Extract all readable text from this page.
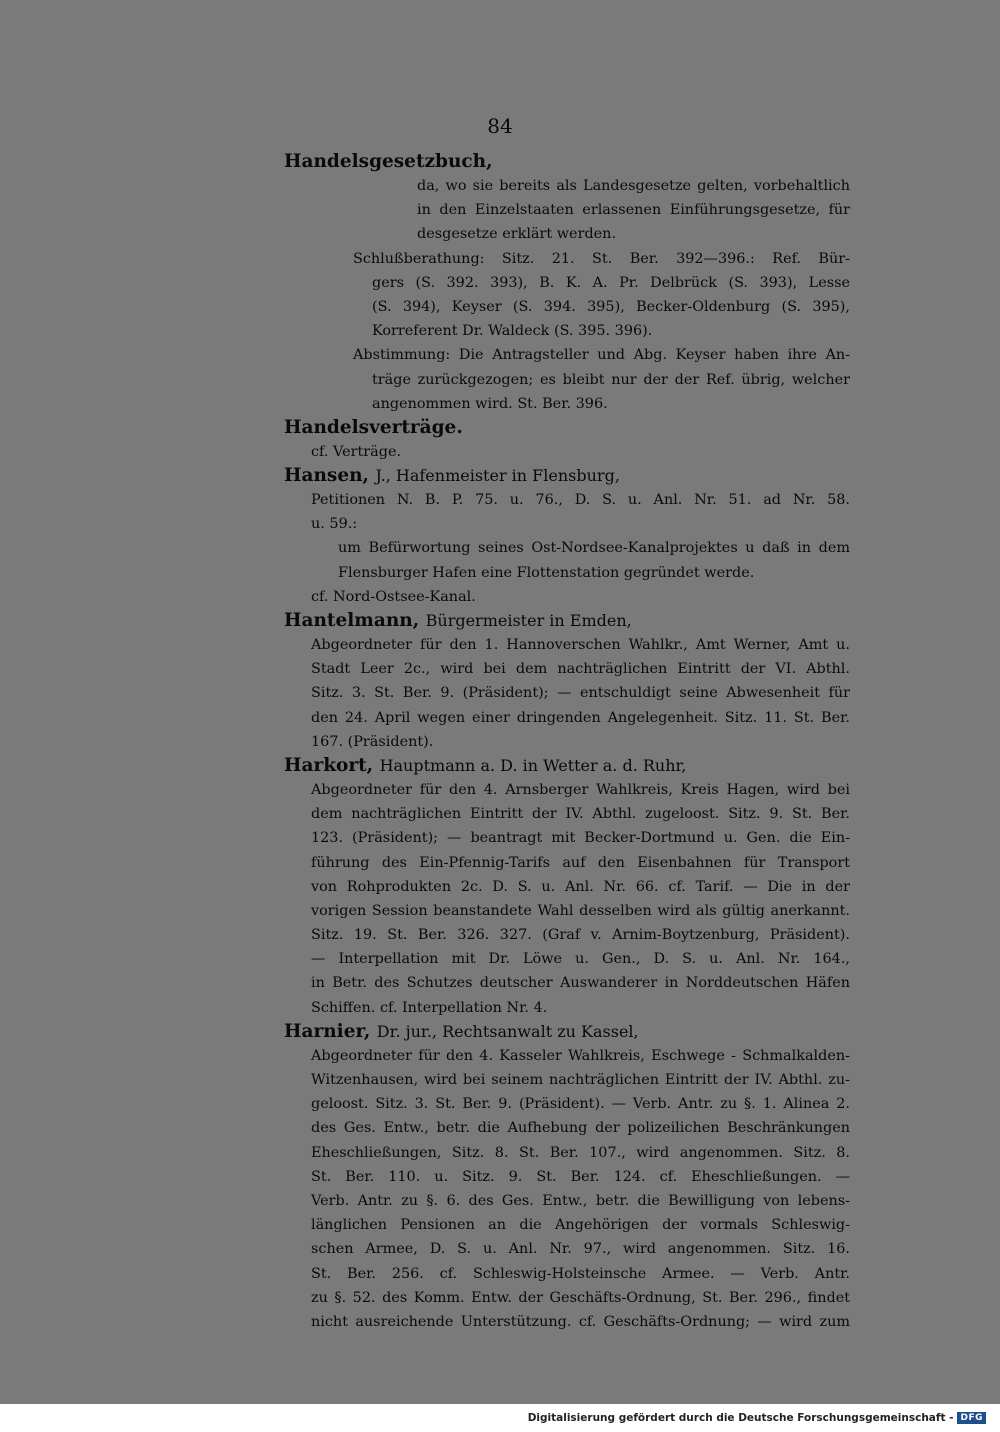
84
Handelsgesetzbuch,
da, wo sie bereits als Landesgesetze gelten, vorbehaltlich
in den Einzelstaaten erlassenen Einführungsgesetze, für
desgesetze erklärt werden.
Schlußberathung: Sitz. 21. St. Ber. 392—396.: Ref. Bür-
gers (S. 392. 393), B. K. A. Pr. Delbrück (S. 393), Lesse
(S. 394), Keyser (S. 394. 395), Becker-Oldenburg (S. 395),
Korreferent Dr. Waldeck (S. 395. 396).
Abstimmung: Die Antragsteller und Abg. Keyser haben ihre An-
träge zurückgezogen; es bleibt nur der der Ref. übrig, welcher
angenommen wird. St. Ber. 396.
Handelsverträge.
cf. Verträge.
Hansen, J., Hafenmeister in Flensburg,
Petitionen N. B. P. 75. u. 76., D. S. u. Anl. Nr. 51. ad Nr. 58.
u. 59.:
um Befürwortung seines Ost-Nordsee-Kanalprojektes u daß in dem
Flensburger Hafen eine Flottenstation gegründet werde.
cf. Nord-Ostsee-Kanal.
Hantelmann, Bürgermeister in Emden,
Abgeordneter für den 1. Hannoverschen Wahlkr., Amt Werner, Amt u.
Stadt Leer 2c., wird bei dem nachträglichen Eintritt der VI. Abthl.
Sitz. 3. St. Ber. 9. (Präsident); — entschuldigt seine Abwesenheit für
den 24. April wegen einer dringenden Angelegenheit. Sitz. 11. St. Ber.
167. (Präsident).
Harkort, Hauptmann a. D. in Wetter a. d. Ruhr,
Abgeordneter für den 4. Arnsberger Wahlkreis, Kreis Hagen, wird bei
dem nachträglichen Eintritt der IV. Abthl. zugeloost. Sitz. 9. St. Ber.
123. (Präsident); — beantragt mit Becker-Dortmund u. Gen. die Ein-
führung des Ein-Pfennig-Tarifs auf den Eisenbahnen für Transport
von Rohprodukten 2c. D. S. u. Anl. Nr. 66. cf. Tarif. — Die in der
vorigen Session beanstandete Wahl desselben wird als gültig anerkannt.
Sitz. 19. St. Ber. 326. 327. (Graf v. Arnim-Boytzenburg, Präsident).
— Interpellation mit Dr. Löwe u. Gen., D. S. u. Anl. Nr. 164.,
in Betr. des Schutzes deutscher Auswanderer in Norddeutschen Häfen
Schiffen. cf. Interpellation Nr. 4.
Harnier, Dr. jur., Rechtsanwalt zu Kassel,
Abgeordneter für den 4. Kasseler Wahlkreis, Eschwege - Schmalkalden-
Witzenhausen, wird bei seinem nachträglichen Eintritt der IV. Abthl. zu-
geloost. Sitz. 3. St. Ber. 9. (Präsident). — Verb. Antr. zu §. 1. Alinea 2.
des Ges. Entw., betr. die Aufhebung der polizeilichen Beschränkungen
Eheschließungen, Sitz. 8. St. Ber. 107., wird angenommen. Sitz. 8.
St. Ber. 110. u. Sitz. 9. St. Ber. 124. cf. Eheschließungen. —
Verb. Antr. zu §. 6. des Ges. Entw., betr. die Bewilligung von lebens-
länglichen Pensionen an die Angehörigen der vormals Schleswig-
schen Armee, D. S. u. Anl. Nr. 97., wird angenommen. Sitz. 16.
St. Ber. 256. cf. Schleswig-Holsteinsche Armee. — Verb. Antr.
zu §. 52. des Komm. Entw. der Geschäfts-Ordnung, St. Ber. 296., findet
nicht ausreichende Unterstützung. cf. Geschäfts-Ordnung; — wird zum
Digitalisierung gefördert durch die Deutsche Forschungsgemeinschaft - DFG
